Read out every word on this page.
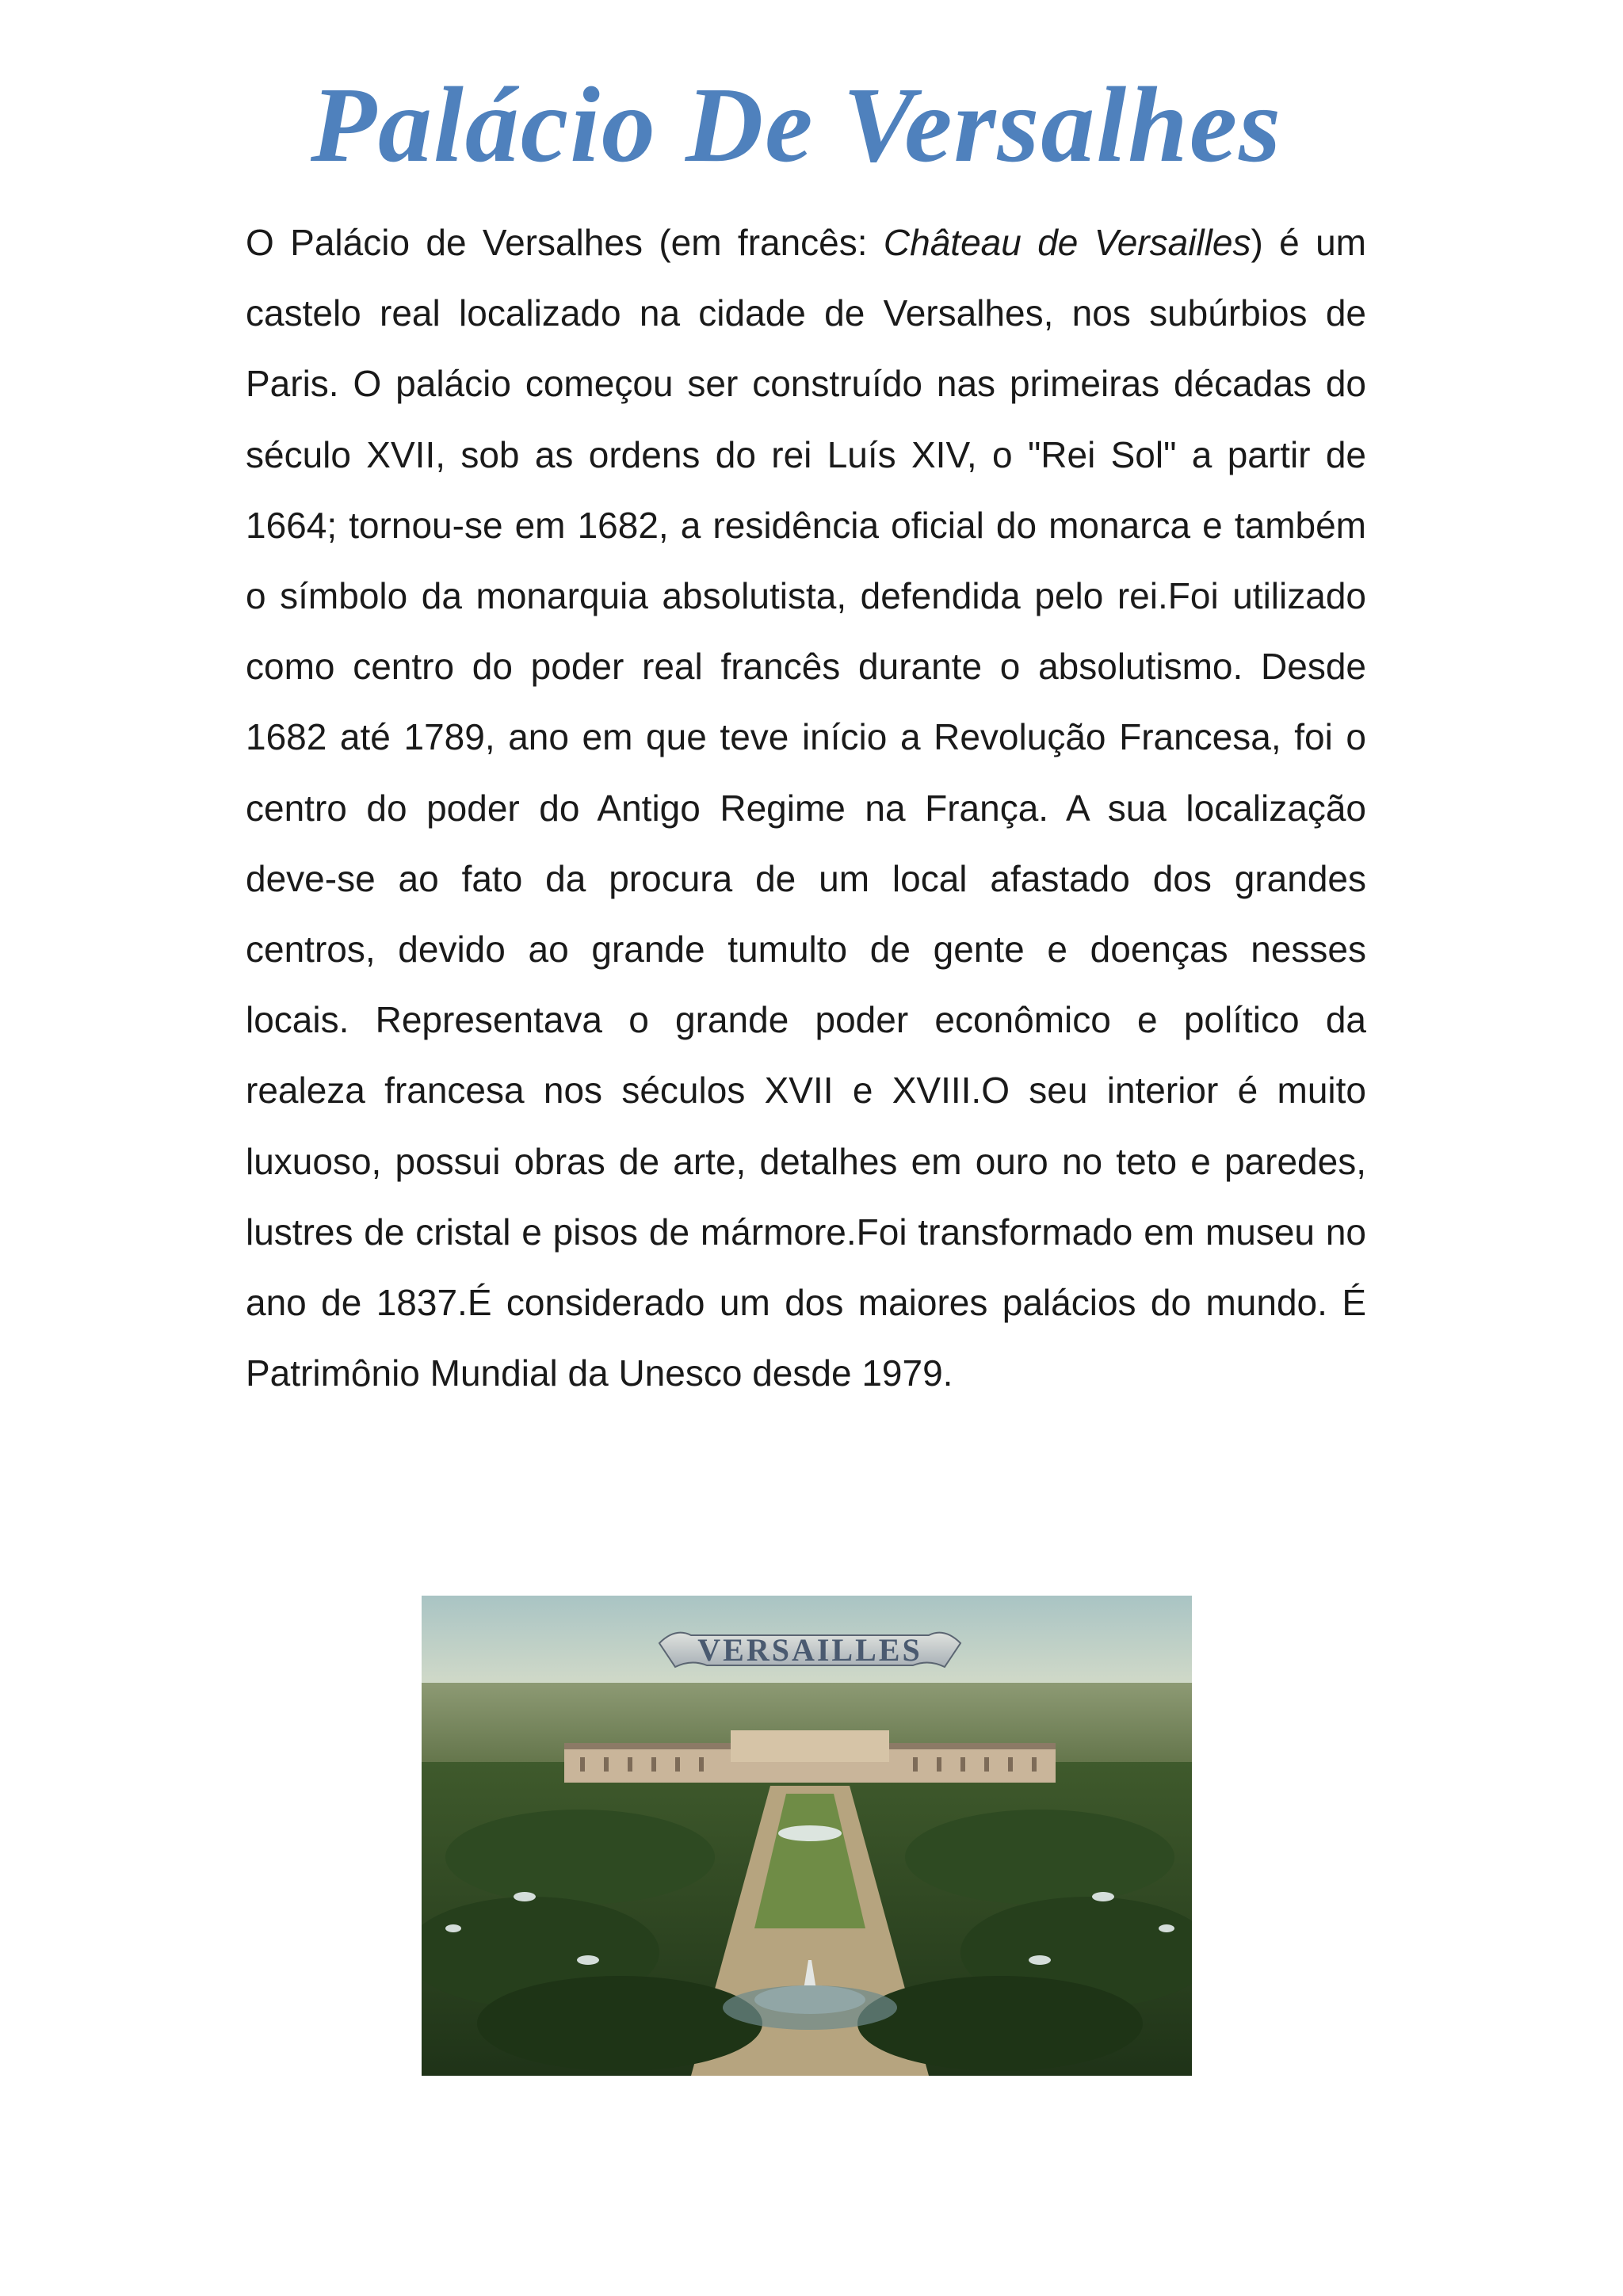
Palácio De Versalhes

O Palácio de Versalhes (em francês: Château de Versailles) é um castelo real localizado na cidade de Versalhes, nos subúrbios de Paris. O palácio começou ser construído nas primeiras décadas do século XVII, sob as ordens do rei Luís XIV, o "Rei Sol" a partir de 1664; tornou-se em 1682, a residência oficial do monarca e também o símbolo da monarquia absolutista, defendida pelo rei.Foi utilizado como centro do poder real francês durante o absolutismo. Desde 1682 até 1789, ano em que teve início a Revolução Francesa, foi o centro do poder do Antigo Regime na França. A sua localização deve-se ao fato da procura de um local afastado dos grandes centros, devido ao grande tumulto de gente e doenças nesses locais. Representava o grande poder econômico e político da realeza francesa nos séculos XVII e XVIII.O seu interior é muito luxuoso, possui obras de arte, detalhes em ouro no teto e paredes, lustres de cristal e pisos de mármore.Foi transformado em museu no ano de 1837.É considerado um dos maiores palácios do mundo. É Patrimônio Mundial da Unesco desde 1979.

VERSAILLES
